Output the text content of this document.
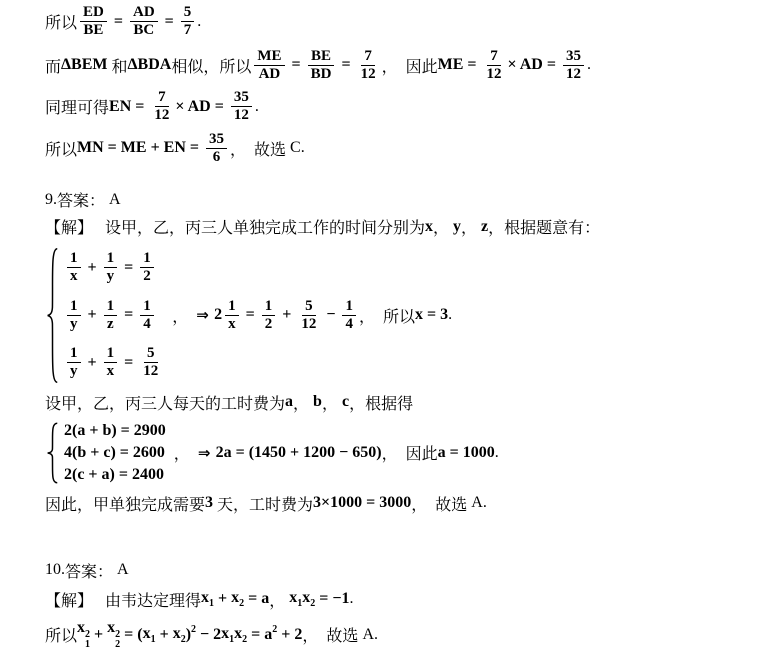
所以 $\frac{ED}{BE} = \frac{AD}{BC} = \frac{5}{7}$ .
而 ΔBEM 和 ΔBDA 相似，所以 $\frac{ME}{AD} = \frac{BE}{BD} = \frac{7}{12}$ ，  因此 ME = $\frac{7}{12}$ × AD = $\frac{35}{12}$ .
同理可得 EN = $\frac{7}{12}$ × AD = $\frac{35}{12}$ .
所以 MN = ME + EN = $\frac{35}{6}$ ，  故选 C.
9. 答案： A
【解】　 设甲，乙，丙三人单独完成工作的时间分别为 x ， y ， z ，根据题意有：
$\frac{1}{x} + \frac{1}{y} = \frac{1}{2}$
$\frac{1}{y} + \frac{1}{z} = \frac{1}{4}$
$\frac{1}{y} + \frac{1}{x} = \frac{5}{12}$
， ⇒ $2 \frac{1}{x} = \frac{1}{2} + \frac{5}{12} - \frac{1}{4}$ ，  所以 x = 3 .
设甲，乙，丙三人每天的工时费为 a ， b ， c ，根据得
2(a + b) = 2900
4(b + c) = 2600
2(c + a) = 2400
， ⇒ 2a = (1450 + 1200 − 650) ，  因此 a = 1000 .
因此，甲单独完成需要 3 天，工时费为 3×1000 = 3000 ，  故选 A.
10. 答案： A
【解】　 由韦达定理得 $x_1 + x_2 = a$ ， $x_1$ $x_2 = -1$ .
所以
x 2
1
+ x 2
2
= ( $x_1 + x_2$ ) $^2$ − 2 $x_1$ $x_2 = a$ $^2$ + 2 ，  故选 A.
